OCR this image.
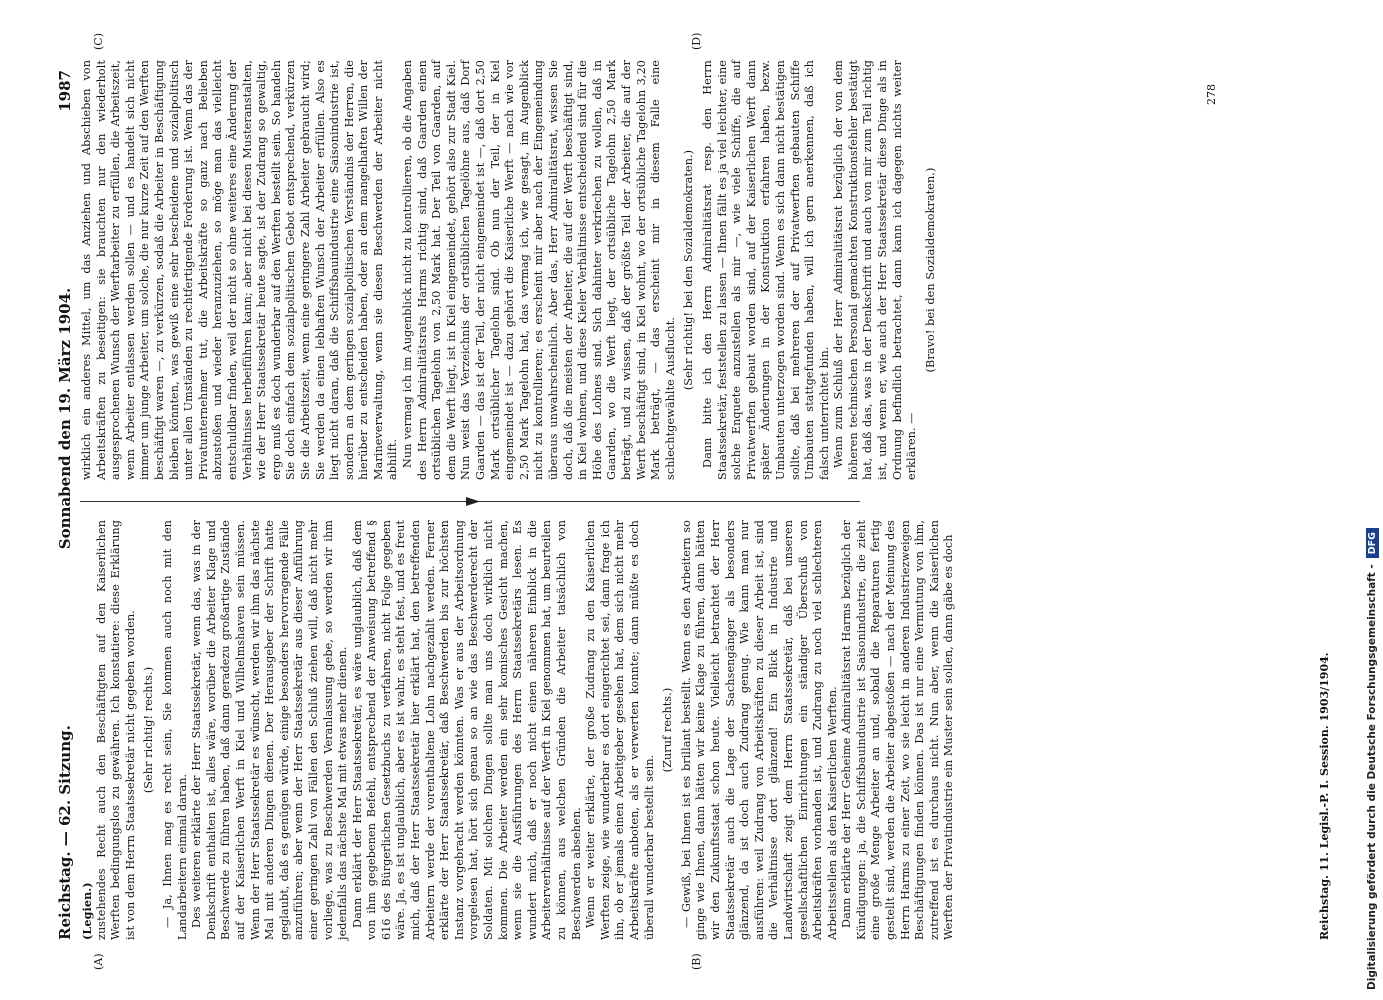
Reichstag. — 62. Sitzung.
Sonnabend den 19. März 1904.
1987
(A)	(B)
(C)	(D)

(Legien.) zustehendes Recht auch den Beschäftigten auf den Kaiserlichen Werften bedingungslos zu gewähren. Ich konstatiere: diese Erklärung ist von dem Herrn Staatssekretär nicht gegeben worden. (Sehr richtig! rechts.) — Ja, Ihnen mag es recht sein, Sie kommen auch noch mit den Landarbeitern einmal daran. Des weiteren erklärte der Herr Staatssekretär, wenn das, was in der Denkschrift enthalten ist, alles wäre, worüber die Arbeiter Klage und Beschwerde zu führen haben, daß dann geradezu großartige Zustände auf der Kaiserlichen Werft in Kiel und Wilhelmshaven sein müssen. Wenn der Herr Staatssekretär es wünscht, werden wir ihm das nächste Mal mit anderen Dingen dienen. Der Herausgeber der Schrift hatte geglaubt, daß es genügen würde, einige besonders hervorragende Fälle anzuführen; aber wenn der Herr Staatssekretär aus dieser Anführung einer geringen Zahl von Fällen den Schluß ziehen will, daß nicht mehr vorliege, was zu Beschwerden Veranlassung gebe, so werden wir ihm jedenfalls das nächste Mal mit etwas mehr dienen. Dann erklärt der Herr Staatssekretär, es wäre unglaublich, daß dem von ihm gegebenen Befehl, entsprechend der Anweisung betreffend § 616 des Bürgerlichen Gesetzbuchs zu verfahren, nicht Folge gegeben wäre. Ja, es ist unglaublich, aber es ist wahr, es steht fest, und es freut mich, daß der Herr Staatssekretär hier erklärt hat, den betreffenden Arbeitern werde der vorenthaltene Lohn nachgezahlt werden. Ferner erklärte der Herr Staatssekretär, daß Beschwerden bis zur höchsten Instanz vorgebracht werden könnten. Was er aus der Arbeitsordnung vorgelesen hat, hört sich genau so an wie das Beschwerderecht der Soldaten. Mit solchen Dingen sollte man uns doch wirklich nicht kommen. Die Arbeiter werden ein sehr komisches Gesicht machen, wenn sie die Ausführungen des Herrn Staatssekretärs lesen. Es wundert mich, daß er noch nicht einen näheren Einblick in die Arbeiterverhältnisse auf der Werft in Kiel genommen hat, um beurteilen zu können, aus welchen Gründen die Arbeiter tatsächlich von Beschwerden absehen. Wenn er weiter erklärte, der große Zudrang zu den Kaiserlichen Werften zeige, wie wunderbar es dort eingerichtet sei, dann frage ich ihn, ob er jemals einen Arbeitgeber gesehen hat, dem sich nicht mehr Arbeitskräfte anboten, als er verwerten konnte; dann müßte es doch überall wunderbar bestellt sein.

(Zuruf rechts.) — Gewiß, bei Ihnen ist es brillant bestellt. Wenn es den Arbeitern so ginge wie Ihnen, dann hätten wir keine Klage zu führen, dann hätten wir den Zukunftsstaat schon heute. Vielleicht betrachtet der Herr Staatssekretär auch die Lage der Sachsengänger als besonders glänzend, da ist doch auch Zudrang genug. Wie kann man nur ausführen: weil Zudrang von Arbeitskräften zu dieser Arbeit ist, sind die Verhältnisse dort glänzend! Ein Blick in Industrie und Landwirtschaft zeigt dem Herrn Staatssekretär, daß bei unseren gesellschaftlichen Einrichtungen ein ständiger Überschuß von Arbeitskräften vorhanden ist, und Zudrang zu noch viel schlechteren Arbeitsstellen als den Kaiserlichen Werften. Dann erklärte der Herr Geheime Admiralitätsrat Harms bezüglich der Kündigungen: ja, die Schiffsbauindustrie ist Saisonindustrie, die zieht eine große Menge Arbeiter an und, sobald die Reparaturen fertig gestellt sind, werden die Arbeiter abgestoßen — nach der Meinung des Herrn Harms zu einer Zeit, wo sie leicht in anderen Industriezweigen Beschäftigungen finden können. Das ist nur eine Vermutung von ihm, zutreffend ist es durchaus nicht. Nun aber, wenn die Kaiserlichen Werften der Privatindustrie ein Muster sein sollen, dann gäbe es doch

wirklich ein anderes Mittel, um das Anziehen und Abschieben von Arbeitskräften zu beseitigen: sie brauchten nur den wiederholt ausgesprochenen Wunsch der Werftarbeiter zu erfüllen, die Arbeitszeit, wenn Arbeiter entlassen werden sollen — und es handelt sich nicht immer um junge Arbeiter, um solche, die nur kurze Zeit auf den Werften beschäftigt waren —, zu verkürzen, sodaß die Arbeiter in Beschäftigung bleiben könnten, was gewiß eine sehr bescheidene und sozialpolitisch unter allen Umständen zu rechtfertigende Forderung ist. Wenn das der Privatunternehmer tut, die Arbeitskräfte so ganz nach Belieben abzustoßen und wieder heranzuziehen, so möge man das vielleicht entschuldbar finden, weil der nicht so ohne weiteres eine Änderung der Verhältnisse herbeiführen kann; aber nicht bei diesen Musteranstalten, wie der Herr Staatssekretär heute sagte, ist der Zudrang so gewaltig, ergo muß es doch wunderbar auf den Werften bestellt sein. So handeln Sie doch einfach dem sozialpolitischen Gebot entsprechend, verkürzen Sie die Arbeitszeit, wenn eine geringere Zahl Arbeiter gebraucht wird; Sie werden da einen lebhaften Wunsch der Arbeiter erfüllen. Also es liegt nicht daran, daß die Schiffsbauindustrie eine Saisonindustrie ist, sondern an dem geringen sozialpolitischen Verständnis der Herren, die hierüber zu entscheiden haben, oder an dem mangelhaften Willen der Marineverwaltung, wenn sie diesen Beschwerden der Arbeiter nicht abhilft. Nun vermag ich im Augenblick nicht zu kontrollieren, ob die Angaben des Herrn Admiralitätsrats Harms richtig sind, daß Gaarden einen ortsüblichen Tagelohn von 2,50 Mark hat. Der Teil von Gaarden, auf dem die Werft liegt, ist in Kiel eingemeindet, gehört also zur Stadt Kiel. Nun weist das Verzeichnis der ortsüblichen Tagelöhne aus, daß Dorf Gaarden — das ist der Teil, der nicht eingemeindet ist —, daß dort 2,50 Mark ortsüblicher Tagelohn sind. Ob nun der Teil, der in Kiel eingemeindet ist — dazu gehört die Kaiserliche Werft — nach wie vor 2,50 Mark Tagelohn hat, das vermag ich, wie gesagt, im Augenblick nicht zu kontrollieren; es erscheint mir aber nach der Eingemeindung überaus unwahrscheinlich. Aber das, Herr Admiralitätsrat, wissen Sie doch, daß die meisten der Arbeiter, die auf der Werft beschäftigt sind, in Kiel wohnen, und diese Kieler Verhältnisse entscheidend sind für die Höhe des Lohnes sind. Sich dahinter verkriechen zu wollen, daß in Gaarden, wo die Werft liegt, der ortsübliche Tagelohn 2,50 Mark beträgt, und zu wissen, daß der größte Teil der Arbeiter, die auf der Werft beschäftigt sind, in Kiel wohnt, wo der ortsübliche Tagelohn 3,20 Mark beträgt, — das erscheint mir in diesem Falle eine schlechtgewählte Ausflucht.

(Sehr richtig! bei den Sozialdemokraten.) Dann bitte ich den Herrn Admiralitätsrat resp. den Herrn Staatssekretär, feststellen zu lassen — Ihnen fällt es ja viel leichter, eine solche Enquete anzustellen als mir —, wie viele Schiffe, die auf Privatwerften gebaut worden sind, auf der Kaiserlichen Werft dann später Änderungen in der Konstruktion erfahren haben, bezw. Umbauten unterzogen worden sind. Wenn es sich dann nicht bestätigen sollte, daß bei mehreren der auf Privatwerften gebauten Schiffe Umbauten stattgefunden haben, will ich gern anerkennen, daß ich falsch unterrichtet bin. Wenn zum Schluß der Herr Admiralitätsrat bezüglich der von dem höheren technischen Personal gemachten Konstruktionsfehler bestätigt hat, daß das, was in der Denkschrift und auch von mir zum Teil richtig ist, und wenn er, wie auch der Herr Staatssekretär diese Dinge als in Ordnung befindlich betrachtet, dann kann ich dagegen nichts weiter erklären. —

(Bravo! bei den Sozialdemokraten.)

Reichstag. 11. Legisl.-P. I. Session. 1903/1904.
278
Digitalisierung gefördert durch die Deutsche Forschungsgemeinschaft -
DFG
